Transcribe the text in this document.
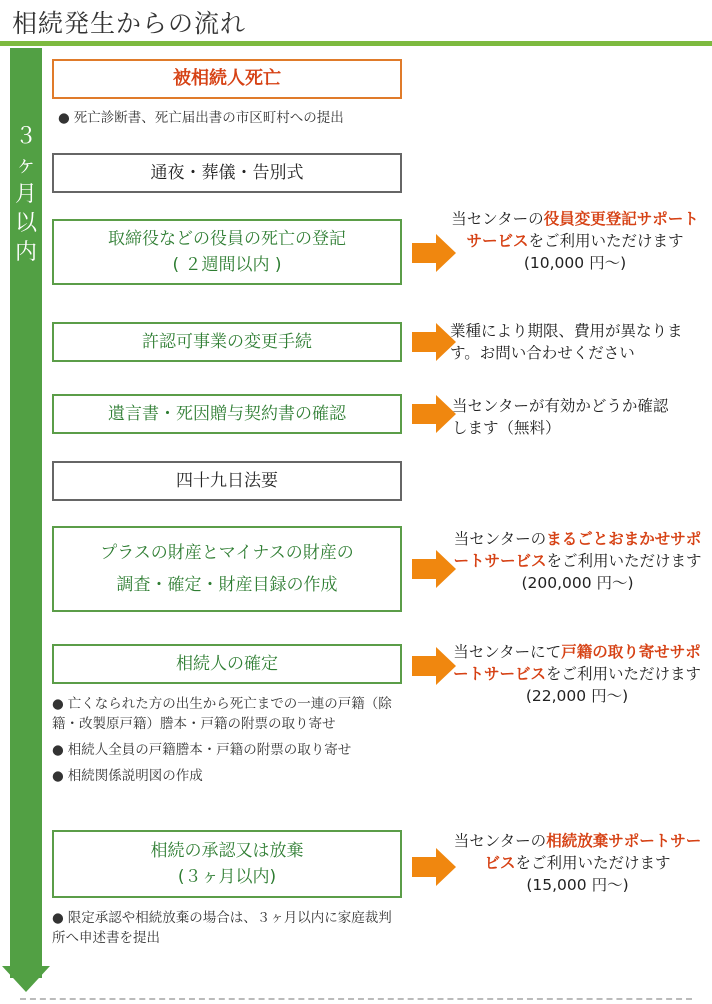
相続発生からの流れ
３
ヶ
月
以
内
被相続人死亡
● 死亡診断書、死亡届出書の市区町村への提出
通夜・葬儀・告別式
取締役などの役員の死亡の登記
( ２週間以内 )
当センターの役員変更登記サポートサービスをご利用いただけます
(10,000 円〜)
許認可事業の変更手続
業種により期限、費用が異なります。お問い合わせください
遺言書・死因贈与契約書の確認	当センターが有効かどうか確認します（無料）
四十九日法要
プラスの財産とマイナスの財産の
調査・確定・財産目録の作成
当センターのまるごとおまかせサポートサービスをご利用いただけます
(200,000 円〜)
相続人の確定
● 亡くなられた方の出生から死亡までの一連の戸籍（除籍・改製原戸籍）謄本・戸籍の附票の取り寄せ
● 相続人全員の戸籍謄本・戸籍の附票の取り寄せ
● 相続関係説明図の作成
当センターにて戸籍の取り寄せサポートサービスをご利用いただけます
(22,000 円〜)
相続の承認又は放棄
(３ヶ月以内)
● 限定承認や相続放棄の場合は、３ヶ月以内に家庭裁判所へ申述書を提出
当センターの相続放棄サポートサービスをご利用いただけます
(15,000 円〜)
